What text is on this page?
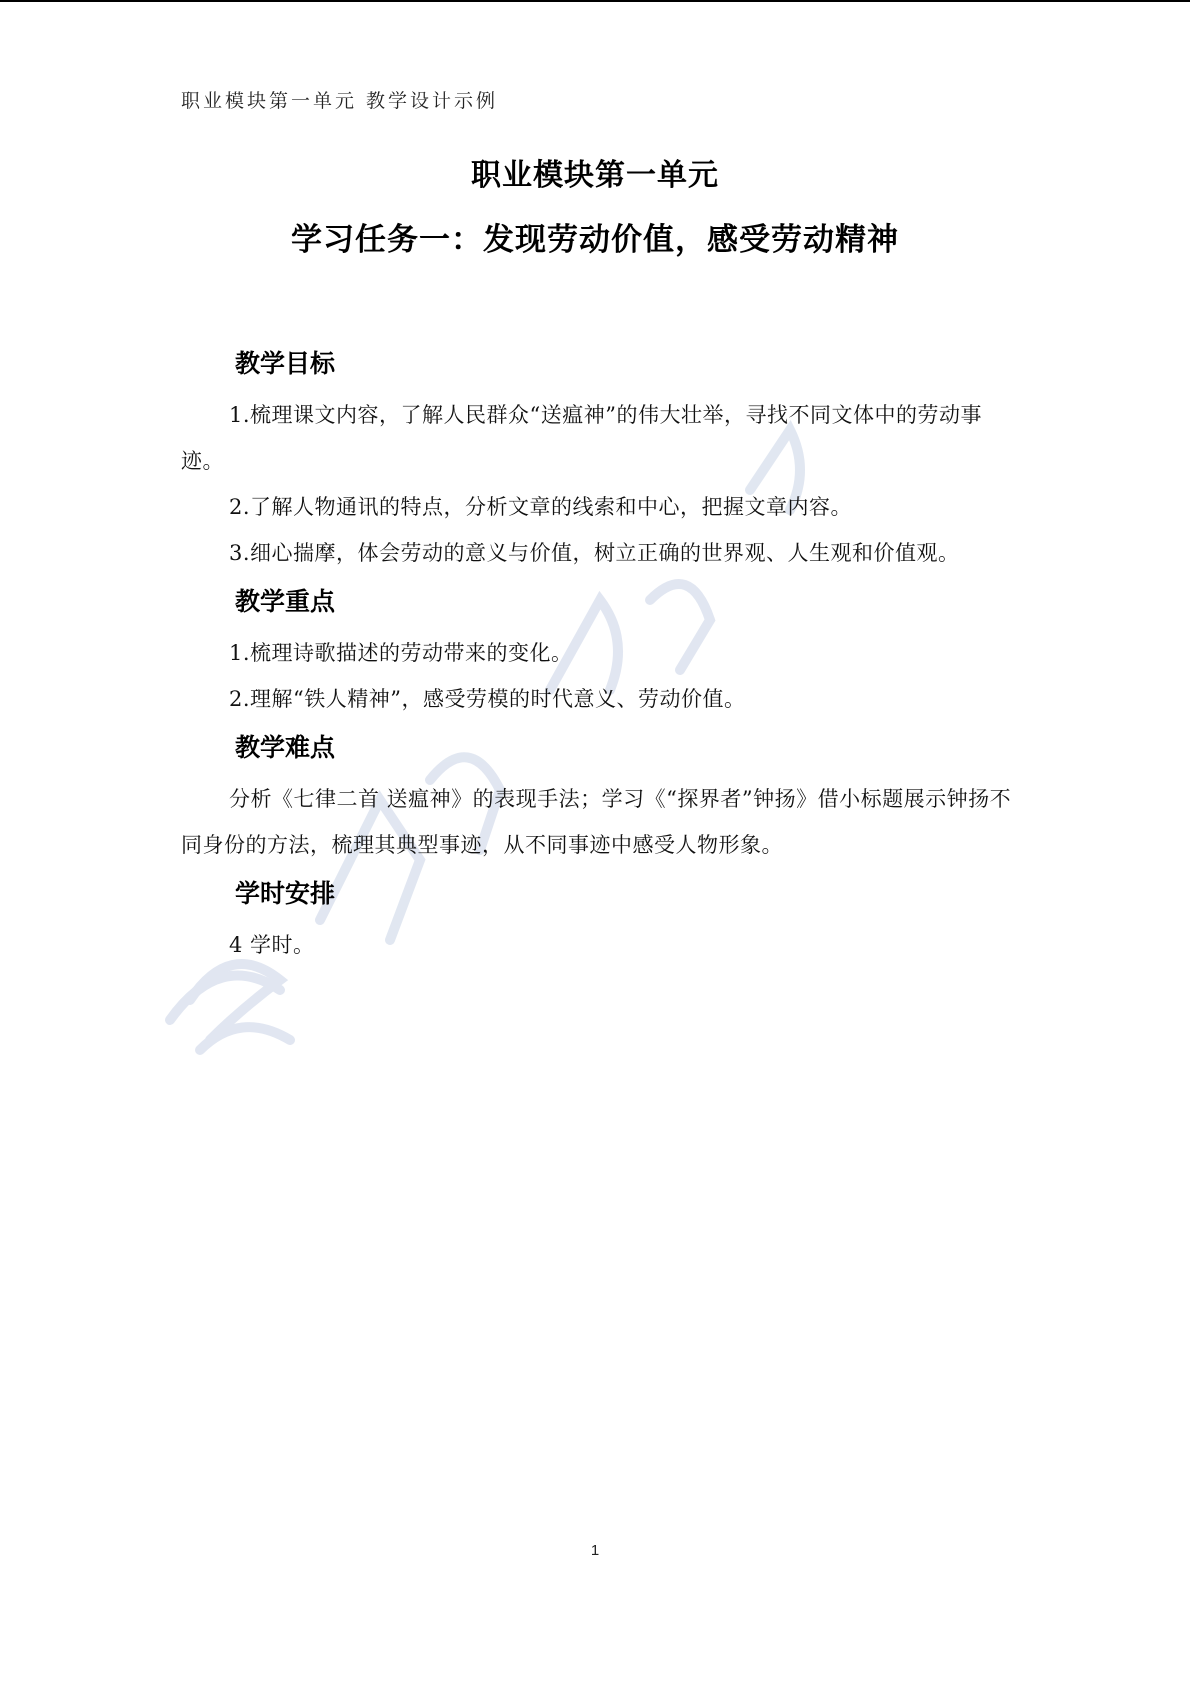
职业模块第一单元 教学设计示例
职业模块第一单元
学习任务一：发现劳动价值，感受劳动精神
教学目标

1.梳理课文内容，了解人民群众“送瘟神”的伟大壮举，寻找不同文体中的劳动事迹。

2.了解人物通讯的特点，分析文章的线索和中心，把握文章内容。

3.细心揣摩，体会劳动的意义与价值，树立正确的世界观、人生观和价值观。

教学重点

1.梳理诗歌描述的劳动带来的变化。

2.理解“铁人精神”，感受劳模的时代意义、劳动价值。

教学难点

分析《七律二首 送瘟神》的表现手法；学习《“探界者”钟扬》借小标题展示钟扬不同身份的方法，梳理其典型事迹，从不同事迹中感受人物形象。

学时安排

4 学时。

1
